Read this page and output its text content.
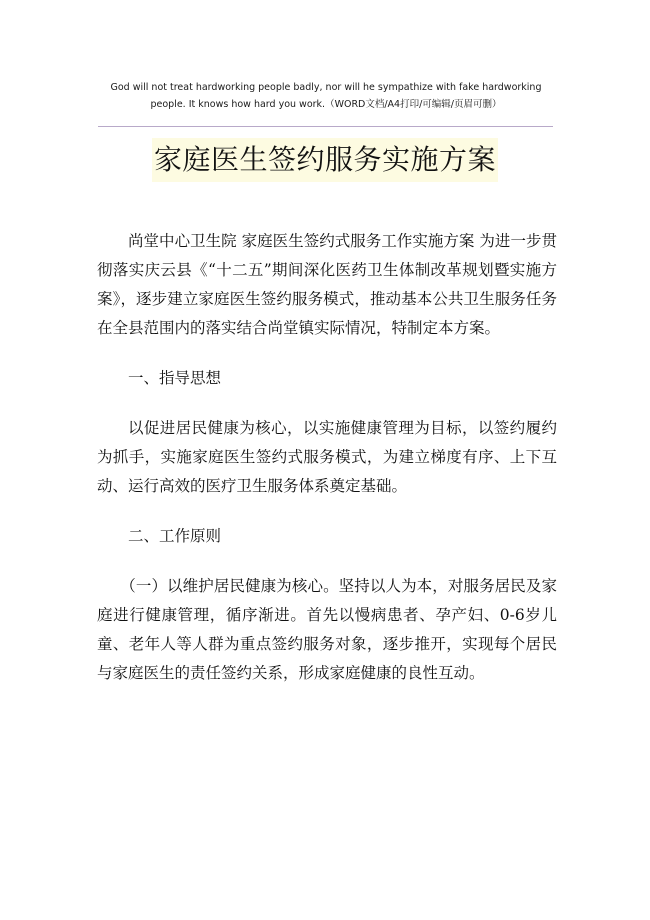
God will not treat hardworking people badly, nor will he sympathize with fake hardworking people. It knows how hard you work.（WORD文档/A4打印/可编辑/页眉可删）
家庭医生签约服务实施方案

尚堂中心卫生院 家庭医生签约式服务工作实施方案 为进一步贯彻落实庆云县《“十二五”期间深化医药卫生体制改革规划暨实施方案》，逐步建立家庭医生签约服务模式，推动基本公共卫生服务任务在全县范围内的落实结合尚堂镇实际情况，特制定本方案。

一、指导思想

以促进居民健康为核心，以实施健康管理为目标，以签约履约为抓手，实施家庭医生签约式服务模式，为建立梯度有序、上下互动、运行高效的医疗卫生服务体系奠定基础。

二、工作原则

（一）以维护居民健康为核心。坚持以人为本，对服务居民及家庭进行健康管理，循序渐进。首先以慢病患者、孕产妇、0-6岁儿童、老年人等人群为重点签约服务对象，逐步推开，实现每个居民与家庭医生的责任签约关系，形成家庭健康的良性互动。
